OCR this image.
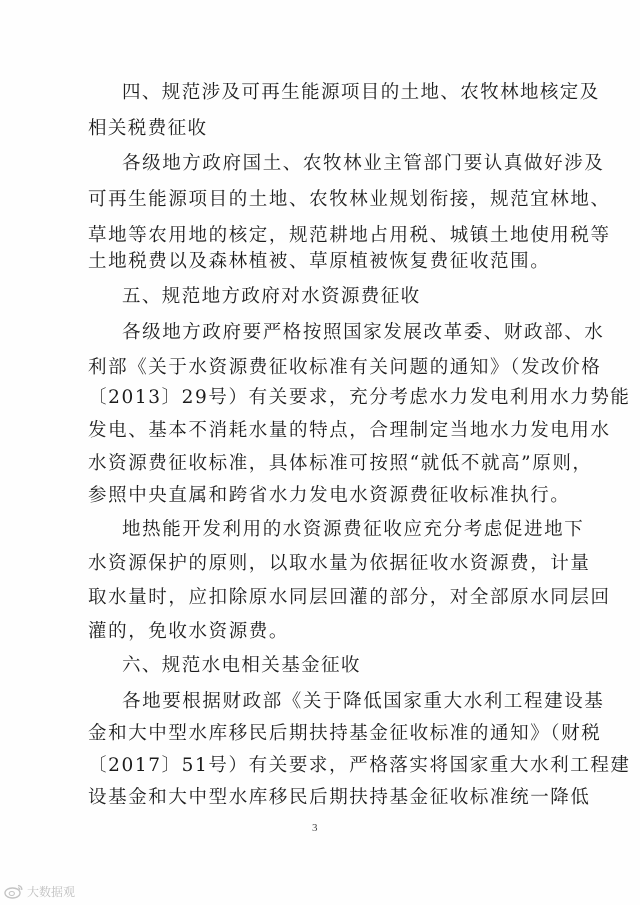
四、规范涉及可再生能源项目的土地、农牧林地核定及
相关税费征收
各级地方政府国土、农牧林业主管部门要认真做好涉及
可再生能源项目的土地、农牧林业规划衔接，规范宜林地、
草地等农用地的核定，规范耕地占用税、城镇土地使用税等
土地税费以及森林植被、草原植被恢复费征收范围。
五、规范地方政府对水资源费征收
各级地方政府要严格按照国家发展改革委、财政部、水
利部《关于水资源费征收标准有关问题的通知》（发改价格
〔2013〕29号）有关要求，充分考虑水力发电利用水力势能
发电、基本不消耗水量的特点，合理制定当地水力发电用水
水资源费征收标准，具体标准可按照“就低不就高”原则，
参照中央直属和跨省水力发电水资源费征收标准执行。
地热能开发利用的水资源费征收应充分考虑促进地下
水资源保护的原则，以取水量为依据征收水资源费，计量
取水量时，应扣除原水同层回灌的部分，对全部原水同层回
灌的，免收水资源费。
六、规范水电相关基金征收
各地要根据财政部《关于降低国家重大水利工程建设基
金和大中型水库移民后期扶持基金征收标准的通知》（财税
〔2017〕51号）有关要求，严格落实将国家重大水利工程建
设基金和大中型水库移民后期扶持基金征收标准统一降低
3
大数据观
